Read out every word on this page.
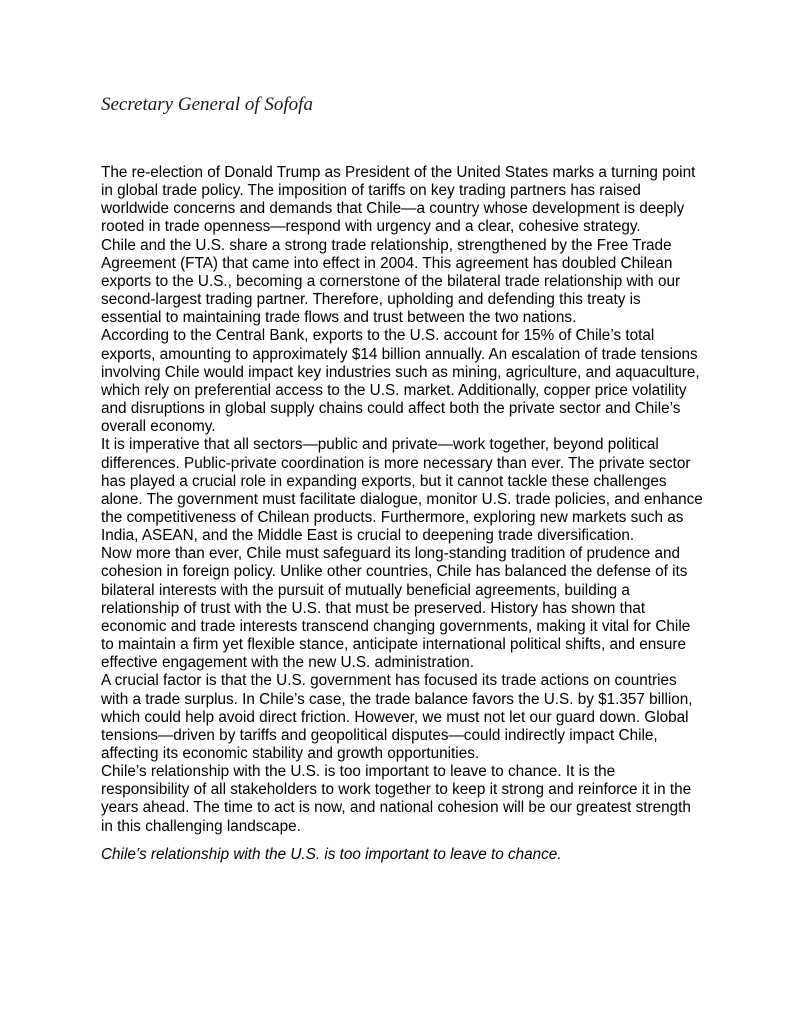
Secretary General of Sofofa

The re-election of Donald Trump as President of the United States marks a turning point in global trade policy. The imposition of tariffs on key trading partners has raised worldwide concerns and demands that Chile—a country whose development is deeply rooted in trade openness—respond with urgency and a clear, cohesive strategy.

Chile and the U.S. share a strong trade relationship, strengthened by the Free Trade Agreement (FTA) that came into effect in 2004. This agreement has doubled Chilean exports to the U.S., becoming a cornerstone of the bilateral trade relationship with our second-largest trading partner. Therefore, upholding and defending this treaty is essential to maintaining trade flows and trust between the two nations.

According to the Central Bank, exports to the U.S. account for 15% of Chile’s total exports, amounting to approximately $14 billion annually. An escalation of trade tensions involving Chile would impact key industries such as mining, agriculture, and aquaculture, which rely on preferential access to the U.S. market. Additionally, copper price volatility and disruptions in global supply chains could affect both the private sector and Chile’s overall economy.

It is imperative that all sectors—public and private—work together, beyond political differences. Public-private coordination is more necessary than ever. The private sector has played a crucial role in expanding exports, but it cannot tackle these challenges alone. The government must facilitate dialogue, monitor U.S. trade policies, and enhance the competitiveness of Chilean products. Furthermore, exploring new markets such as India, ASEAN, and the Middle East is crucial to deepening trade diversification.

Now more than ever, Chile must safeguard its long-standing tradition of prudence and cohesion in foreign policy. Unlike other countries, Chile has balanced the defense of its bilateral interests with the pursuit of mutually beneficial agreements, building a relationship of trust with the U.S. that must be preserved. History has shown that economic and trade interests transcend changing governments, making it vital for Chile to maintain a firm yet flexible stance, anticipate international political shifts, and ensure effective engagement with the new U.S. administration.

A crucial factor is that the U.S. government has focused its trade actions on countries with a trade surplus. In Chile’s case, the trade balance favors the U.S. by $1.357 billion, which could help avoid direct friction. However, we must not let our guard down. Global tensions—driven by tariffs and geopolitical disputes—could indirectly impact Chile, affecting its economic stability and growth opportunities.

Chile’s relationship with the U.S. is too important to leave to chance. It is the responsibility of all stakeholders to work together to keep it strong and reinforce it in the years ahead. The time to act is now, and national cohesion will be our greatest strength in this challenging landscape.

Chile’s relationship with the U.S. is too important to leave to chance.
